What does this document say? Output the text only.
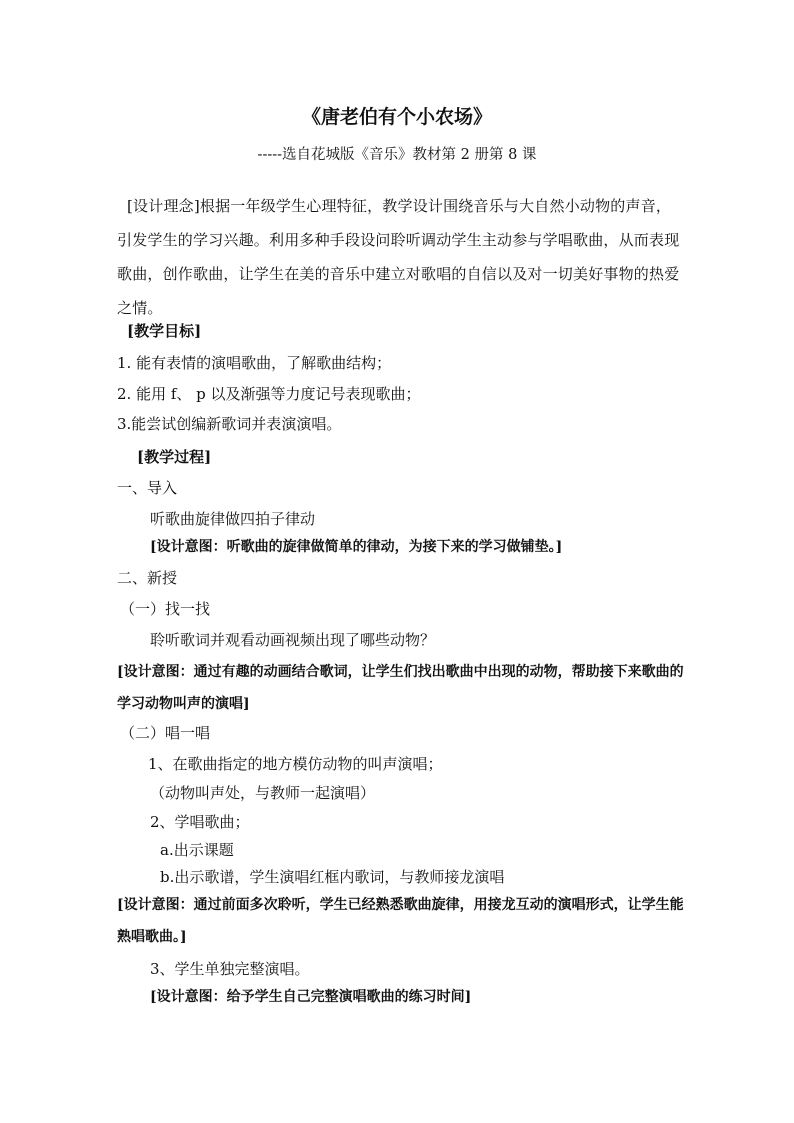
《唐老伯有个小农场》
-----选自花城版《音乐》教材第 2 册第 8 课
[设计理念]根据一年级学生心理特征，教学设计围绕音乐与大自然小动物的声音，引发学生的学习兴趣。利用多种手段设问聆听调动学生主动参与学唱歌曲，从而表现歌曲，创作歌曲，让学生在美的音乐中建立对歌唱的自信以及对一切美好事物的热爱之情。
[教学目标]
1. 能有表情的演唱歌曲，了解歌曲结构；
2. 能用 f、 p 以及渐强等力度记号表现歌曲；
3.能尝试创编新歌词并表演演唱。
[教学过程]
一、导入
听歌曲旋律做四拍子律动
[设计意图：听歌曲的旋律做简单的律动，为接下来的学习做铺垫。]
二、新授
（一）找一找
聆听歌词并观看动画视频出现了哪些动物？
[设计意图：通过有趣的动画结合歌词，让学生们找出歌曲中出现的动物，帮助接下来歌曲的学习动物叫声的演唱]
（二）唱一唱
1、在歌曲指定的地方模仿动物的叫声演唱；
（动物叫声处，与教师一起演唱）
2、学唱歌曲；
a.出示课题
b.出示歌谱，学生演唱红框内歌词，与教师接龙演唱
[设计意图：通过前面多次聆听，学生已经熟悉歌曲旋律，用接龙互动的演唱形式，让学生能熟唱歌曲。]
3、学生单独完整演唱。
[设计意图：给予学生自己完整演唱歌曲的练习时间]
